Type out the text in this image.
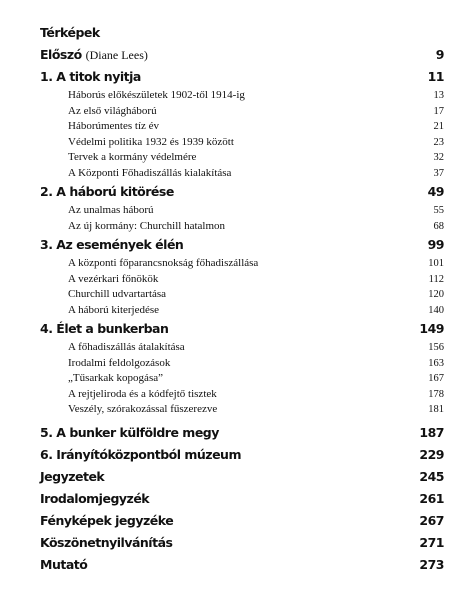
Térképek
Előszó (Diane Lees)	9
1. A titok nyitja	11
Háborús előkészületek 1902-től 1914-ig	13
Az első világháború	17
Háborúmentes tíz év	21
Védelmi politika 1932 és 1939 között	23
Tervek a kormány védelmére	32
A Központi Főhadiszállás kialakítása	37
2. A háború kitörése	49
Az unalmas háború	55
Az új kormány: Churchill hatalmon	68
3. Az események élén	99
A központi főparancsnokság főhadiszállása	101
A vezérkari főnökök	112
Churchill udvartartása	120
A háború kiterjedése	140
4. Élet a bunkerban	149
A főhadiszállás átalakítása	156
Irodalmi feldolgozások	163
„Tűsarkak kopogása”	167
A rejtjeliroda és a kódfejtő tisztek	178
Veszély, szórakozással fűszerezve	181
5. A bunker külföldre megy	187
6. Irányítóközpontból múzeum	229
Jegyzetek	245
Irodalomjegyzék	261
Fényképek jegyzéke	267
Köszönetnyilvánítás	271
Mutató	273
